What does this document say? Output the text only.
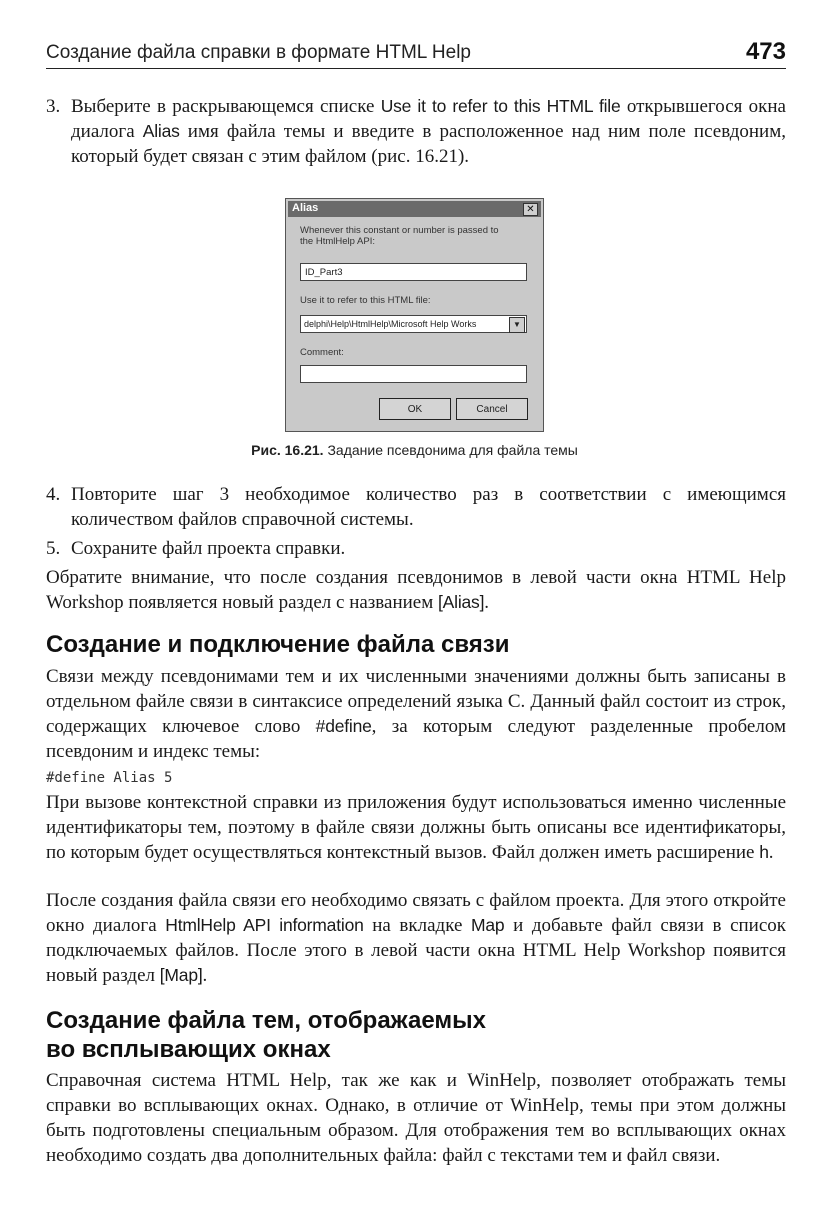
Создание файла справки в формате HTML Help	473
3. Выберите в раскрывающемся списке Use it to refer to this HTML file открывшегося окна диалога Alias имя файла темы и введите в расположенное над ним поле псевдоним, который будет связан с этим файлом (рис. 16.21).
Alias	✕
Whenever this constant or number is passed to the HtmlHelp API:
ID_Part3
Use it to refer to this HTML file:
delphi\Help\HtmlHelp\Microsoft Help Works	▼
Comment:
OK	Cancel
Рис. 16.21. Задание псевдонима для файла темы
4. Повторите шаг 3 необходимое количество раз в соответствии с имеющимся количеством файлов справочной системы.
5. Сохраните файл проекта справки.
Обратите внимание, что после создания псевдонимов в левой части окна HTML Help Workshop появляется новый раздел с названием [Alias].
Создание и подключение файла связи
Связи между псевдонимами тем и их численными значениями должны быть записаны в отдельном файле связи в синтаксисе определений языка C. Данный файл состоит из строк, содержащих ключевое слово #define, за которым следуют разделенные пробелом псевдоним и индекс темы:
#define Alias 5
При вызове контекстной справки из приложения будут использоваться именно численные идентификаторы тем, поэтому в файле связи должны быть описаны все идентификаторы, по которым будет осуществляться контекстный вызов. Файл должен иметь расширение h.
После создания файла связи его необходимо связать с файлом проекта. Для этого откройте окно диалога HtmlHelp API information на вкладке Map и добавьте файл связи в список подключаемых файлов. После этого в левой части окна HTML Help Workshop появится новый раздел [Map].
Создание файла тем, отображаемых
во всплывающих окнах
Справочная система HTML Help, так же как и WinHelp, позволяет отображать темы справки во всплывающих окнах. Однако, в отличие от WinHelp, темы при этом должны быть подготовлены специальным образом. Для отображения тем во всплывающих окнах необходимо создать два дополнительных файла: файл с текстами тем и файл связи.
